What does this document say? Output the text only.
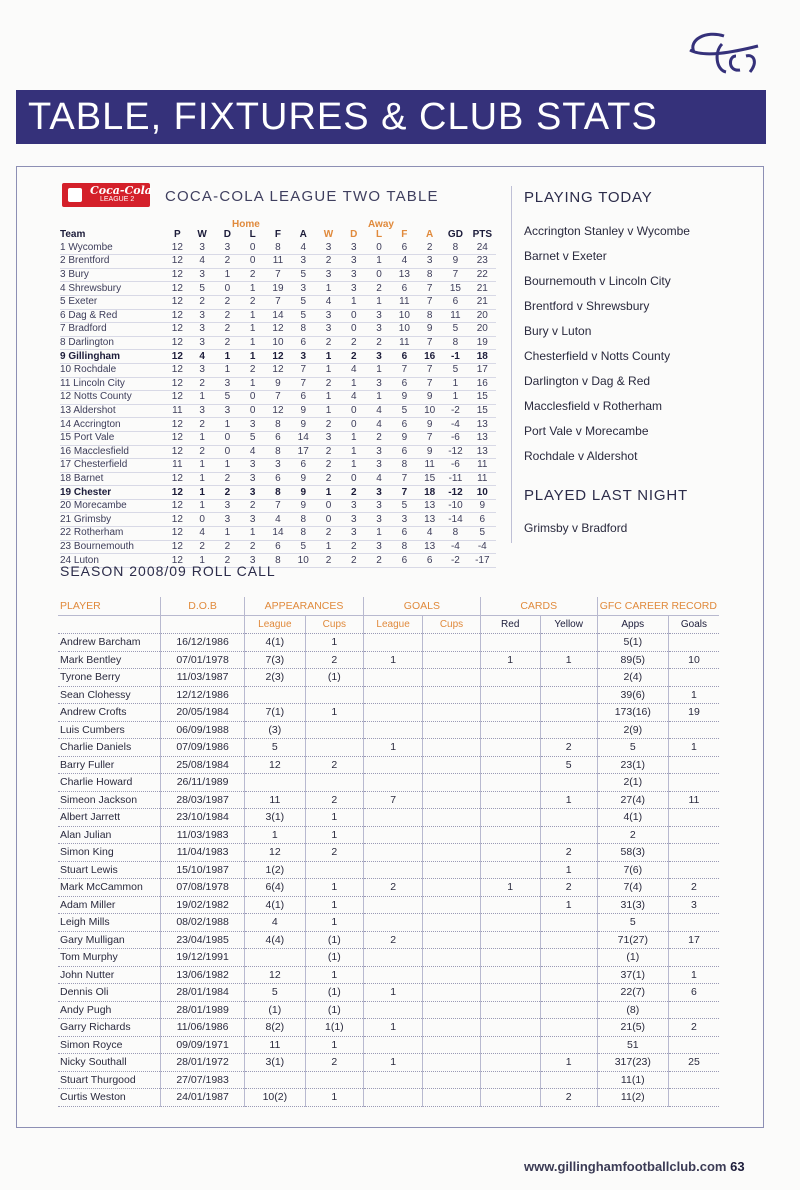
TABLE, FIXTURES & CLUB STATS
Coca-Cola
LEAGUE 2 COCA-COLA LEAGUE TWO TABLE
Home	Away
Team	P	W	D	L	F	A	W	D	L	F	A	GD	PTS
1 Wycombe	12	3	3	0	8	4	3	3	0	6	2	8	24
2 Brentford	12	4	2	0	11	3	2	3	1	4	3	9	23
3 Bury	12	3	1	2	7	5	3	3	0	13	8	7	22
4 Shrewsbury	12	5	0	1	19	3	1	3	2	6	7	15	21
5 Exeter	12	2	2	2	7	5	4	1	1	11	7	6	21
6 Dag & Red	12	3	2	1	14	5	3	0	3	10	8	11	20
7 Bradford	12	3	2	1	12	8	3	0	3	10	9	5	20
8 Darlington	12	3	2	1	10	6	2	2	2	11	7	8	19
9 Gillingham	12	4	1	1	12	3	1	2	3	6	16	-1	18
10 Rochdale	12	3	1	2	12	7	1	4	1	7	7	5	17
11 Lincoln City	12	2	3	1	9	7	2	1	3	6	7	1	16
12 Notts County	12	1	5	0	7	6	1	4	1	9	9	1	15
13 Aldershot	11	3	3	0	12	9	1	0	4	5	10	-2	15
14 Accrington	12	2	1	3	8	9	2	0	4	6	9	-4	13
15 Port Vale	12	1	0	5	6	14	3	1	2	9	7	-6	13
16 Macclesfield	12	2	0	4	8	17	2	1	3	6	9	-12	13
17 Chesterfield	11	1	1	3	3	6	2	1	3	8	11	-6	11
18 Barnet	12	1	2	3	6	9	2	0	4	7	15	-11	11
19 Chester	12	1	2	3	8	9	1	2	3	7	18	-12	10
20 Morecambe	12	1	3	2	7	9	0	3	3	5	13	-10	9
21 Grimsby	12	0	3	3	4	8	0	3	3	3	13	-14	6
22 Rotherham	12	4	1	1	14	8	2	3	1	6	4	8	5
23 Bournemouth	12	2	2	2	6	5	1	2	3	8	13	-4	-4
24 Luton	12	1	2	3	8	10	2	2	2	6	6	-2	-17
PLAYING TODAY
Accrington Stanley v Wycombe
Barnet v Exeter
Bournemouth v Lincoln City
Brentford v Shrewsbury
Bury v Luton
Chesterfield v Notts County
Darlington v Dag & Red
Macclesfield v Rotherham
Port Vale v Morecambe
Rochdale v Aldershot
PLAYED LAST NIGHT
Grimsby v Bradford
SEASON 2008/09 ROLL CALL
PLAYER	D.O.B	APPEARANCES		GOALS		CARDS		GFC CAREER RECORD	
		League	Cups	League	Cups	Red	Yellow	Apps	Goals
Andrew Barcham	16/12/1986	4(1)	1					5(1)	
Mark Bentley	07/01/1978	7(3)	2	1		1	1	89(5)	10
Tyrone Berry	11/03/1987	2(3)	(1)					2(4)	
Sean Clohessy	12/12/1986							39(6)	1
Andrew Crofts	20/05/1984	7(1)	1					173(16)	19
Luis Cumbers	06/09/1988	(3)						2(9)	
Charlie Daniels	07/09/1986	5		1			2	5	1
Barry Fuller	25/08/1984	12	2				5	23(1)	
Charlie Howard	26/11/1989							2(1)	
Simeon Jackson	28/03/1987	11	2	7			1	27(4)	11
Albert Jarrett	23/10/1984	3(1)	1					4(1)	
Alan Julian	11/03/1983	1	1					2	
Simon King	11/04/1983	12	2				2	58(3)	
Stuart Lewis	15/10/1987	1(2)					1	7(6)	
Mark McCammon	07/08/1978	6(4)	1	2		1	2	7(4)	2
Adam Miller	19/02/1982	4(1)	1				1	31(3)	3
Leigh Mills	08/02/1988	4	1					5	
Gary Mulligan	23/04/1985	4(4)	(1)	2				71(27)	17
Tom Murphy	19/12/1991		(1)					(1)	
John Nutter	13/06/1982	12	1					37(1)	1
Dennis Oli	28/01/1984	5	(1)	1				22(7)	6
Andy Pugh	28/01/1989	(1)	(1)					(8)	
Garry Richards	11/06/1986	8(2)	1(1)	1				21(5)	2
Simon Royce	09/09/1971	11	1					51	
Nicky Southall	28/01/1972	3(1)	2	1			1	317(23)	25
Stuart Thurgood	27/07/1983							11(1)	
Curtis Weston	24/01/1987	10(2)	1				2	11(2)	
www.gillinghamfootballclub.com 63
